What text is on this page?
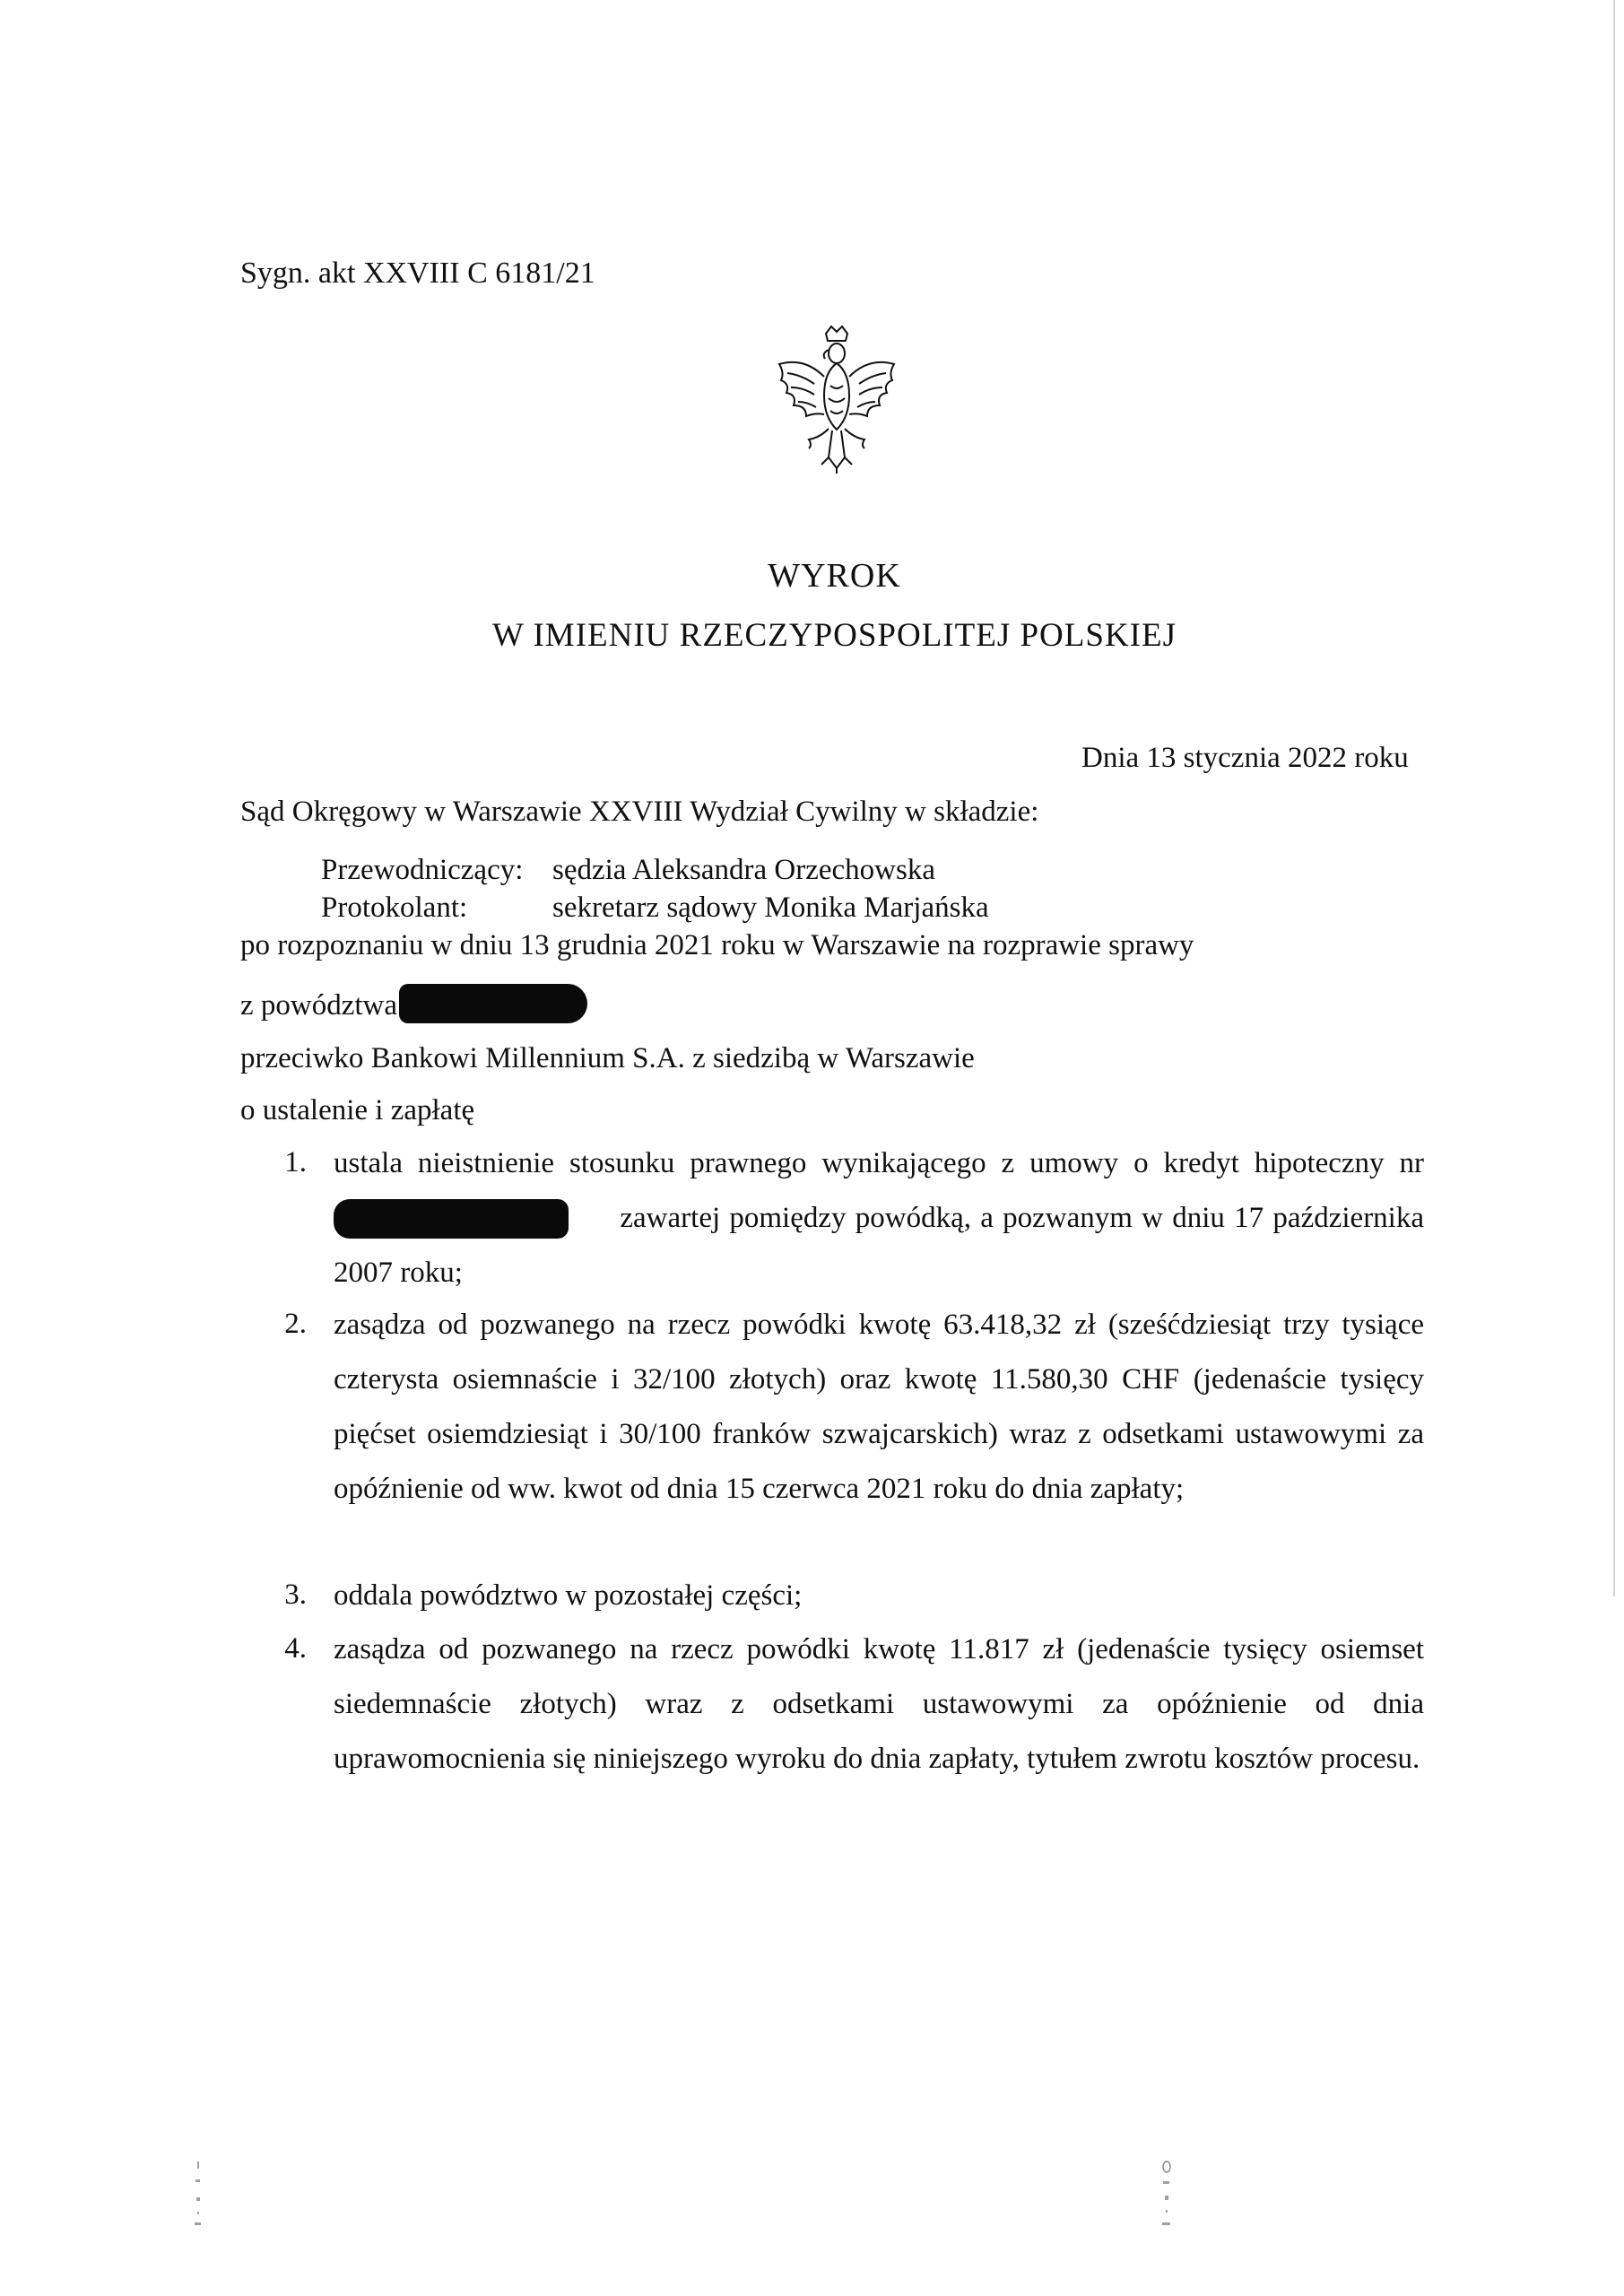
Sygn. akt XXVIII C 6181/21
WYROK
W IMIENIU RZECZYPOSPOLITEJ POLSKIEJ
Dnia 13 stycznia 2022 roku
Sąd Okręgowy w Warszawie XXVIII Wydział Cywilny w składzie:
Przewodniczący: sędzia Aleksandra Orzechowska
Protokolant:	sekretarz sądowy Monika Marjańska
po rozpoznaniu w dniu 13 grudnia 2021 roku w Warszawie na rozprawie sprawy
z powództwa
przeciwko Bankowi Millennium S.A. z siedzibą w Warszawie
o ustalenie i zapłatę
1. ustala nieistnienie stosunku prawnego wynikającego z umowy o kredyt hipoteczny nr
zawartej pomiędzy powódką, a pozwanym w dniu 17 października
2007 roku;
2. zasądza od pozwanego na rzecz powódki kwotę 63.418,32 zł (sześćdziesiąt trzy tysiące czterysta osiemnaście i 32/100 złotych) oraz kwotę 11.580,30 CHF (jedenaście tysięcy pięćset osiemdziesiąt i 30/100 franków szwajcarskich) wraz z odsetkami ustawowymi za opóźnienie od ww. kwot od dnia 15 czerwca 2021 roku do dnia zapłaty;
3. oddala powództwo w pozostałej części;
4. zasądza od pozwanego na rzecz powódki kwotę 11.817 zł (jedenaście tysięcy osiemset siedemnaście złotych) wraz z odsetkami ustawowymi za opóźnienie od dnia uprawomocnienia się niniejszego wyroku do dnia zapłaty, tytułem zwrotu kosztów procesu.
